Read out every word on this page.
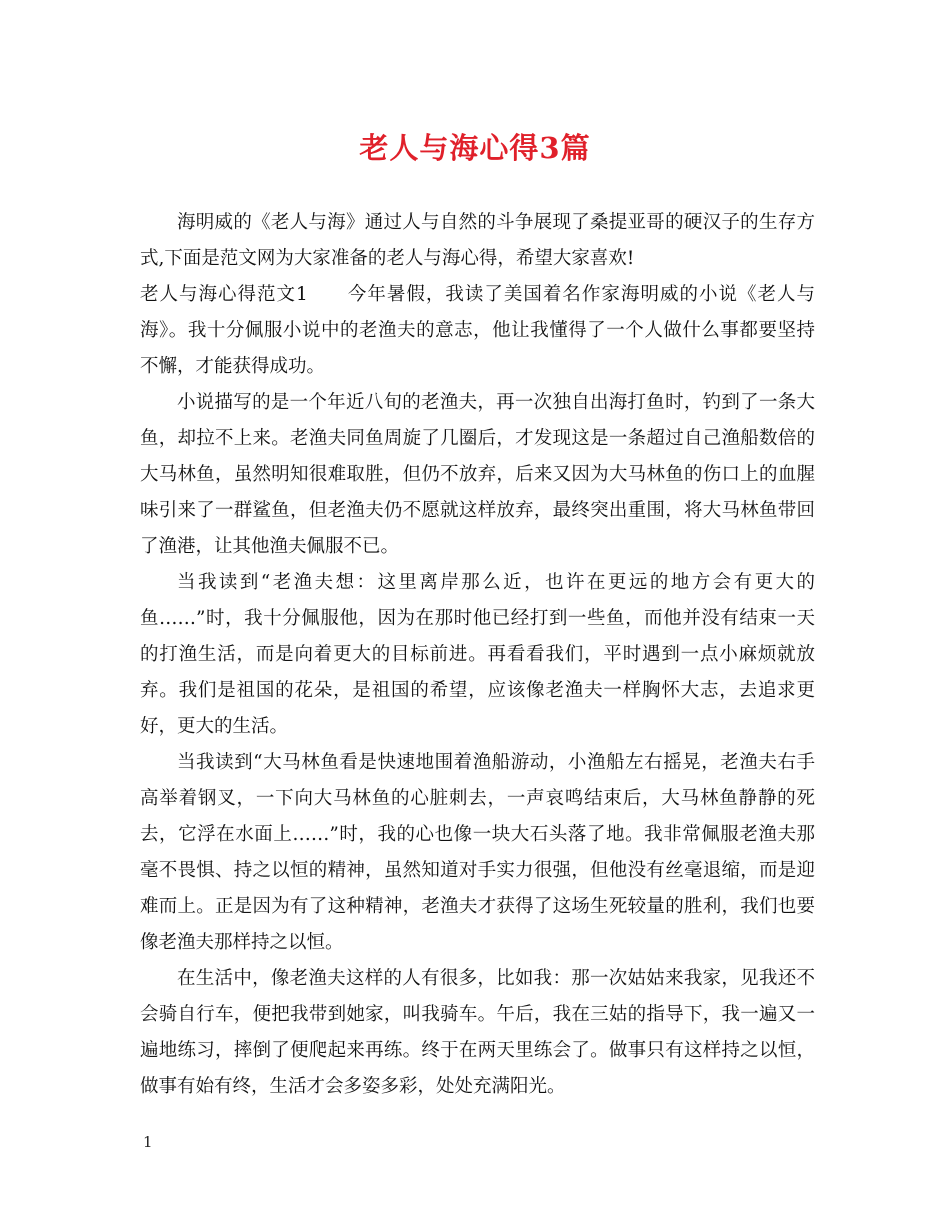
老人与海心得3篇

海明威的《老人与海》通过人与自然的斗争展现了桑提亚哥的硬汉子的生存方式,下面是范文网为大家准备的老人与海心得，希望大家喜欢!

老人与海心得范文1　　今年暑假，我读了美国着名作家海明威的小说《老人与海》。我十分佩服小说中的老渔夫的意志，他让我懂得了一个人做什么事都要坚持不懈，才能获得成功。

小说描写的是一个年近八旬的老渔夫，再一次独自出海打鱼时，钓到了一条大鱼，却拉不上来。老渔夫同鱼周旋了几圈后，才发现这是一条超过自己渔船数倍的大马林鱼，虽然明知很难取胜，但仍不放弃，后来又因为大马林鱼的伤口上的血腥味引来了一群鲨鱼，但老渔夫仍不愿就这样放弃，最终突出重围，将大马林鱼带回了渔港，让其他渔夫佩服不已。

当我读到“老渔夫想：这里离岸那么近，也许在更远的地方会有更大的鱼……”时，我十分佩服他，因为在那时他已经打到一些鱼，而他并没有结束一天的打渔生活，而是向着更大的目标前进。再看看我们，平时遇到一点小麻烦就放弃。我们是祖国的花朵，是祖国的希望，应该像老渔夫一样胸怀大志，去追求更好，更大的生活。

当我读到“大马林鱼看是快速地围着渔船游动，小渔船左右摇晃，老渔夫右手高举着钢叉，一下向大马林鱼的心脏刺去，一声哀鸣结束后，大马林鱼静静的死去，它浮在水面上……”时，我的心也像一块大石头落了地。我非常佩服老渔夫那毫不畏惧、持之以恒的精神，虽然知道对手实力很强，但他没有丝毫退缩，而是迎难而上。正是因为有了这种精神，老渔夫才获得了这场生死较量的胜利，我们也要像老渔夫那样持之以恒。

在生活中，像老渔夫这样的人有很多，比如我：那一次姑姑来我家，见我还不会骑自行车，便把我带到她家，叫我骑车。午后，我在三姑的指导下，我一遍又一遍地练习，摔倒了便爬起来再练。终于在两天里练会了。做事只有这样持之以恒，做事有始有终，生活才会多姿多彩，处处充满阳光。

1
